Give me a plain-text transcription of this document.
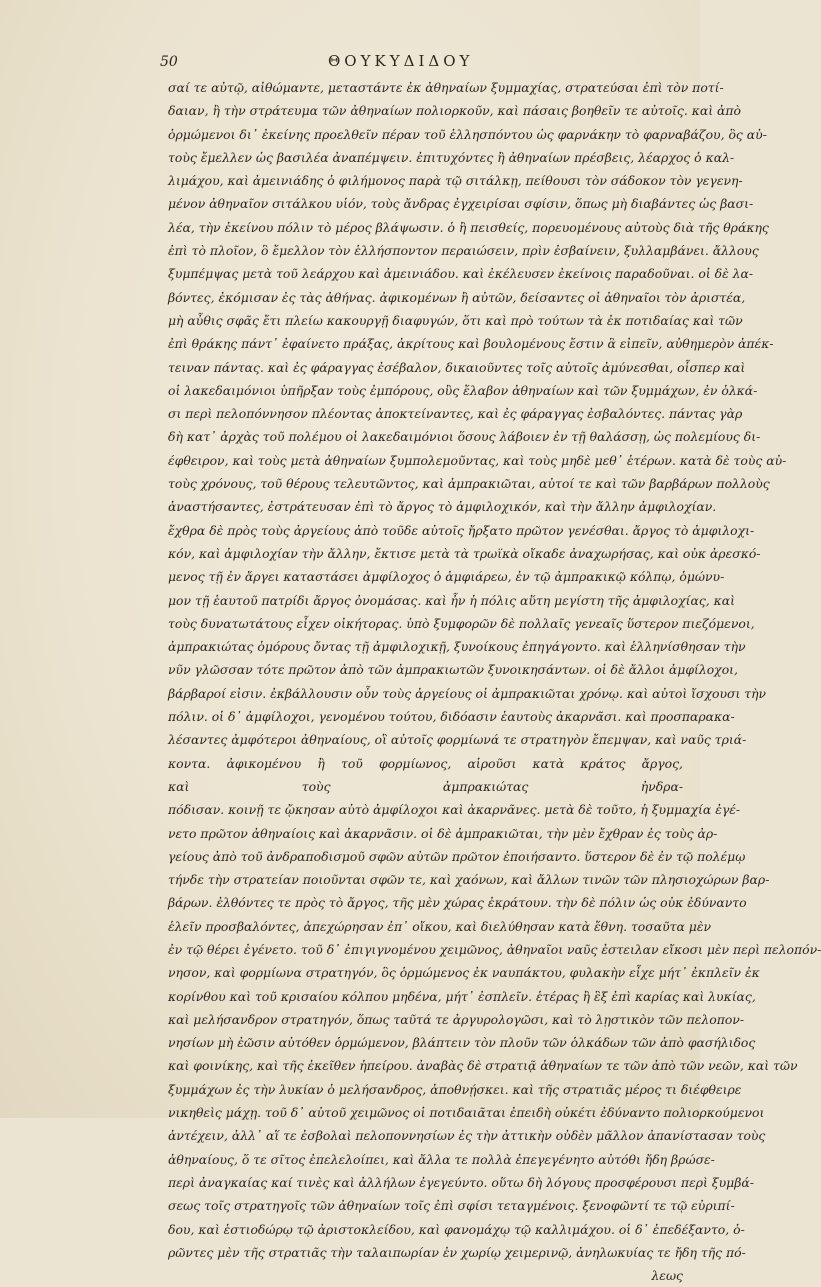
50	ΘΟΥΚΥΔΙΔΟΥ
σαί τε αὐτῷ, αἰθώμαντε, μεταστάντε ἐκ ἀθηναίων ξυμμαχίας, στρατεύσαι ἐπὶ τὸν ποτί-
δαιαν, ἢ τὴν στράτευμα τῶν ἀθηναίων πολιορκοῦν, καὶ πάσαις βοηθεῖν τε αὐτοῖς. καὶ ἀπὸ
ὁρμώμενοι δι᾽ ἐκείνης προελθεῖν πέραν τοῦ ἑλλησπόντου ὡς φαρνάκην τὸ φαρναβάζου, ὃς αὐ-
τοὺς ἔμελλεν ὡς βασιλέα ἀναπέμψειν. ἐπιτυχόντες ἢ ἀθηναίων πρέσβεις, λέαρχος ὁ καλ-
λιμάχου, καὶ ἀμεινιάδης ὁ φιλήμονος παρὰ τῷ σιτάλκῃ, πείθουσι τὸν σάδοκον τὸν γεγενη-
μένον ἀθηναῖον σιτάλκου υἱόν, τοὺς ἄνδρας ἐγχειρίσαι σφίσιν, ὅπως μὴ διαβάντες ὡς βασι-
λέα, τὴν ἐκείνου πόλιν τὸ μέρος βλάψωσιν. ὁ ἢ πεισθείς, πορευομένους αὐτοὺς διὰ τῆς θράκης
ἐπὶ τὸ πλοῖον, ὃ ἔμελλον τὸν ἑλλήσποντον περαιώσειν, πρὶν ἐσβαίνειν, ξυλλαμβάνει. ἄλλους
ξυμπέμψας μετὰ τοῦ λεάρχου καὶ ἀμεινιάδου. καὶ ἐκέλευσεν ἐκείνοις παραδοῦναι. οἱ δὲ λα-
βόντες, ἐκόμισαν ἐς τὰς ἀθήνας. ἀφικομένων ἢ αὐτῶν, δείσαντες οἱ ἀθηναῖοι τὸν ἀριστέα,
μὴ αὖθις σφᾶς ἔτι πλείω κακουργῇ διαφυγών, ὅτι καὶ πρὸ τούτων τὰ ἐκ ποτιδαίας καὶ τῶν
ἐπὶ θράκης πάντ᾽ ἐφαίνετο πράξας, ἀκρίτους καὶ βουλομένους ἔστιν ἃ εἰπεῖν, αὐθημερὸν ἀπέκ-
τειναν πάντας. καὶ ἐς φάραγγας ἐσέβαλον, δικαιοῦντες τοῖς αὐτοῖς ἀμύνεσθαι, οἷσπερ καὶ
οἱ λακεδαιμόνιοι ὑπῆρξαν τοὺς ἐμπόρους, οὓς ἔλαβον ἀθηναίων καὶ τῶν ξυμμάχων, ἐν ὁλκά-
σι περὶ πελοπόννησον πλέοντας ἀποκτείναντες, καὶ ἐς φάραγγας ἐσβαλόντες. πάντας γὰρ
δὴ κατ᾽ ἀρχὰς τοῦ πολέμου οἱ λακεδαιμόνιοι ὅσους λάβοιεν ἐν τῇ θαλάσσῃ, ὡς πολεμίους δι-
έφθειρον, καὶ τοὺς μετὰ ἀθηναίων ξυμπολεμοῦντας, καὶ τοὺς μηδὲ μεθ᾽ ἑτέρων. κατὰ δὲ τοὺς αὐ-
τοὺς χρόνους, τοῦ θέρους τελευτῶντος, καὶ ἀμπρακιῶται, αὐτοί τε καὶ τῶν βαρβάρων πολλοὺς
ἀναστήσαντες, ἐστράτευσαν ἐπὶ τὸ ἄργος τὸ ἀμφιλοχικόν, καὶ τὴν ἄλλην ἀμφιλοχίαν.
ἔχθρα δὲ πρὸς τοὺς ἀργείους ἀπὸ τοῦδε αὐτοῖς ἤρξατο πρῶτον γενέσθαι. ἄργος τὸ ἀμφιλοχι-
κόν, καὶ ἀμφιλοχίαν τὴν ἄλλην, ἔκτισε μετὰ τὰ τρωϊκὰ οἴκαδε ἀναχωρήσας, καὶ οὐκ ἀρεσκό-
μενος τῇ ἐν ἄργει καταστάσει ἀμφίλοχος ὁ ἀμφιάρεω, ἐν τῷ ἀμπρακικῷ κόλπῳ, ὁμώνυ-
μον τῇ ἑαυτοῦ πατρίδι ἄργος ὀνομάσας. καὶ ἦν ἡ πόλις αὕτη μεγίστη τῆς ἀμφιλοχίας, καὶ
τοὺς δυνατωτάτους εἶχεν οἰκήτορας. ὑπὸ ξυμφορῶν δὲ πολλαῖς γενεαῖς ὕστερον πιεζόμενοι,
ἀμπρακιώτας ὁμόρους ὄντας τῇ ἀμφιλοχικῇ, ξυνοίκους ἐπηγάγοντο. καὶ ἑλληνίσθησαν τὴν
νῦν γλῶσσαν τότε πρῶτον ἀπὸ τῶν ἀμπρακιωτῶν ξυνοικησάντων. οἱ δὲ ἄλλοι ἀμφίλοχοι,
βάρβαροί εἰσιν. ἐκβάλλουσιν οὖν τοὺς ἀργείους οἱ ἀμπρακιῶται χρόνῳ. καὶ αὐτοὶ ἴσχουσι τὴν
πόλιν. οἱ δ᾽ ἀμφίλοχοι, γενομένου τούτου, διδόασιν ἑαυτοὺς ἀκαρνᾶσι. καὶ προσπαρακα-
λέσαντες ἀμφότεροι ἀθηναίους, οἳ αὐτοῖς φορμίωνά τε στρατηγὸν ἔπεμψαν, καὶ ναῦς τριά-
κοντα. ἀφικομένου ἢ τοῦ φορμίωνος, αἱροῦσι κατὰ κράτος ἄργος,
καὶ τοὺς ἀμπρακιώτας ἠνδρα-
πόδισαν. κοινῇ τε ᾤκησαν αὐτὸ ἀμφίλοχοι καὶ ἀκαρνᾶνες. μετὰ δὲ τοῦτο, ἡ ξυμμαχία ἐγέ-
νετο πρῶτον ἀθηναίοις καὶ ἀκαρνᾶσιν. οἱ δὲ ἀμπρακιῶται, τὴν μὲν ἔχθραν ἐς τοὺς ἀρ-
γείους ἀπὸ τοῦ ἀνδραποδισμοῦ σφῶν αὐτῶν πρῶτον ἐποιήσαντο. ὕστερον δὲ ἐν τῷ πολέμῳ
τήνδε τὴν στρατείαν ποιοῦνται σφῶν τε, καὶ χαόνων, καὶ ἄλλων τινῶν τῶν πλησιοχώρων βαρ-
βάρων. ἐλθόντες τε πρὸς τὸ ἄργος, τῆς μὲν χώρας ἐκράτουν. τὴν δὲ πόλιν ὡς οὐκ ἐδύναντο
ἑλεῖν προσβαλόντες, ἀπεχώρησαν ἐπ᾽ οἴκου, καὶ διελύθησαν κατὰ ἔθνη. τοσαῦτα μὲν
ἐν τῷ θέρει ἐγένετο. τοῦ δ᾽ ἐπιγιγνομένου χειμῶνος, ἀθηναῖοι ναῦς ἐστειλαν εἴκοσι μὲν περὶ πελοπόν-
νησον, καὶ φορμίωνα στρατηγόν, ὃς ὁρμώμενος ἐκ ναυπάκτου, φυλακὴν εἶχε μήτ᾽ ἐκπλεῖν ἐκ
κορίνθου καὶ τοῦ κρισαίου κόλπου μηδένα, μήτ᾽ ἐσπλεῖν. ἑτέρας ἢ ἓξ ἐπὶ καρίας καὶ λυκίας,
καὶ μελήσανδρον στρατηγόν, ὅπως ταῦτά τε ἀργυρολογῶσι, καὶ τὸ λῃστικὸν τῶν πελοπον-
νησίων μὴ ἐῶσιν αὐτόθεν ὁρμώμενον, βλάπτειν τὸν πλοῦν τῶν ὁλκάδων τῶν ἀπὸ φασήλιδος
καὶ φοινίκης, καὶ τῆς ἐκεῖθεν ἠπείρου. ἀναβὰς δὲ στρατιᾷ ἀθηναίων τε τῶν ἀπὸ τῶν νεῶν, καὶ τῶν
ξυμμάχων ἐς τὴν λυκίαν ὁ μελήσανδρος, ἀποθνῄσκει. καὶ τῆς στρατιᾶς μέρος τι διέφθειρε
νικηθεὶς μάχῃ. τοῦ δ᾽ αὐτοῦ χειμῶνος οἱ ποτιδαιᾶται ἐπειδὴ οὐκέτι ἐδύναντο πολιορκούμενοι
ἀντέχειν, ἀλλ᾽ αἵ τε ἐσβολαὶ πελοποννησίων ἐς τὴν ἀττικὴν οὐδὲν μᾶλλον ἀπανίστασαν τοὺς
ἀθηναίους, ὅ τε σῖτος ἐπελελοίπει, καὶ ἄλλα τε πολλὰ ἐπεγεγένητο αὐτόθι ἤδη βρώσε-
περὶ ἀναγκαίας καί τινὲς καὶ ἀλλήλων ἐγεγεύντο. οὕτω δὴ λόγους προσφέρουσι περὶ ξυμβά-
σεως τοῖς στρατηγοῖς τῶν ἀθηναίων τοῖς ἐπὶ σφίσι τεταγμένοις. ξενοφῶντί τε τῷ εὐριπί-
δου, καὶ ἑστιοδώρῳ τῷ ἀριστοκλείδου, καὶ φανομάχῳ τῷ καλλιμάχου. οἱ δ᾽ ἐπεδέξαντο, ὁ-
ρῶντες μὲν τῆς στρατιᾶς τὴν ταλαιπωρίαν ἐν χωρίῳ χειμερινῷ, ἀνηλωκυίας τε ἤδη τῆς πό-
λεως
